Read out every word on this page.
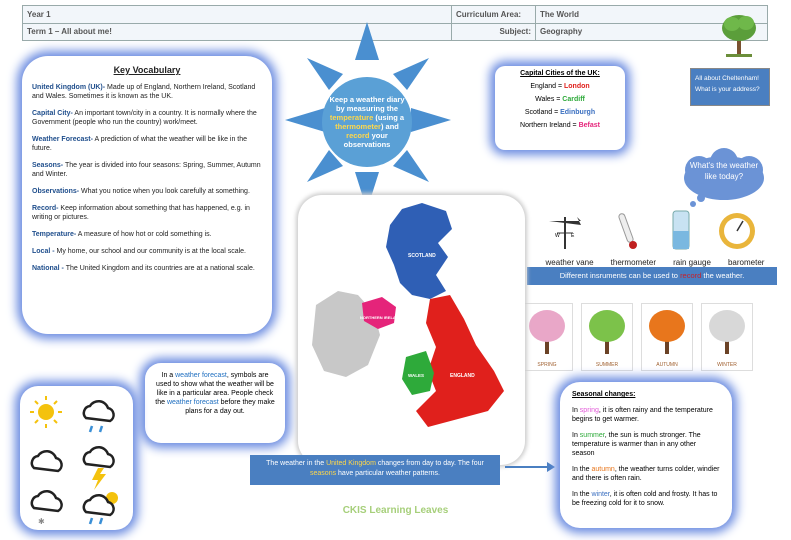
Year 1	Curriculum Area:	The World
Term 1 – All about me!	Subject:	Geography
Key Vocabulary

United Kingdom (UK)- Made up of England, Northern Ireland, Scotland and Wales. Sometimes it is known as the UK.

Capital City- An important town/city in a country. It is normally where the Government (people who run the country) work/meet.

Weather Forecast- A prediction of what the weather will be like in the future.

Seasons- The year is divided into four seasons: Spring, Summer, Autumn and Winter.

Observations- What you notice when you look carefully at something.

Record- Keep information about something that has happened, e.g. in writing or pictures.

Temperature- A measure of how hot or cold something is.

Local - My home, our school and our community is at the local scale.

National - The United Kingdom and its countries are at a national scale.

Keep a weather diary by measuring the temperature (using a thermometer) and record your observations
Capital Cities of the UK:
England = London
Wales = Cardiff
Scotland = Edinburgh
Northern Ireland = Befast
All about Cheltenham!
What is your address?
What's the weather like today?
W E
weather vane thermometer rain gauge barometer
Different insruments can be used to record the weather.
SPRING	SUMMER	AUTUMN	WINTER
In a weather forecast, symbols are used to show what the weather will be like in a particular area. People check the weather forecast before they make plans for a day out.
✱
SCOTLAND
NORTHERN IRELAND
WALES	ENGLAND
The weather in the United Kingdom changes from day to day. The four seasons have particular weather patterns.

Seasonal changes:

In spring, it is often rainy and the temperature begins to get warmer.

In summer, the sun is much stronger. The temperature is warmer than in any other season

In the autumn, the weather turns colder, windier and there is often rain.

In the winter, it is often cold and frosty. It has to be freezing cold for it to snow.

CKIS Learning Leaves
